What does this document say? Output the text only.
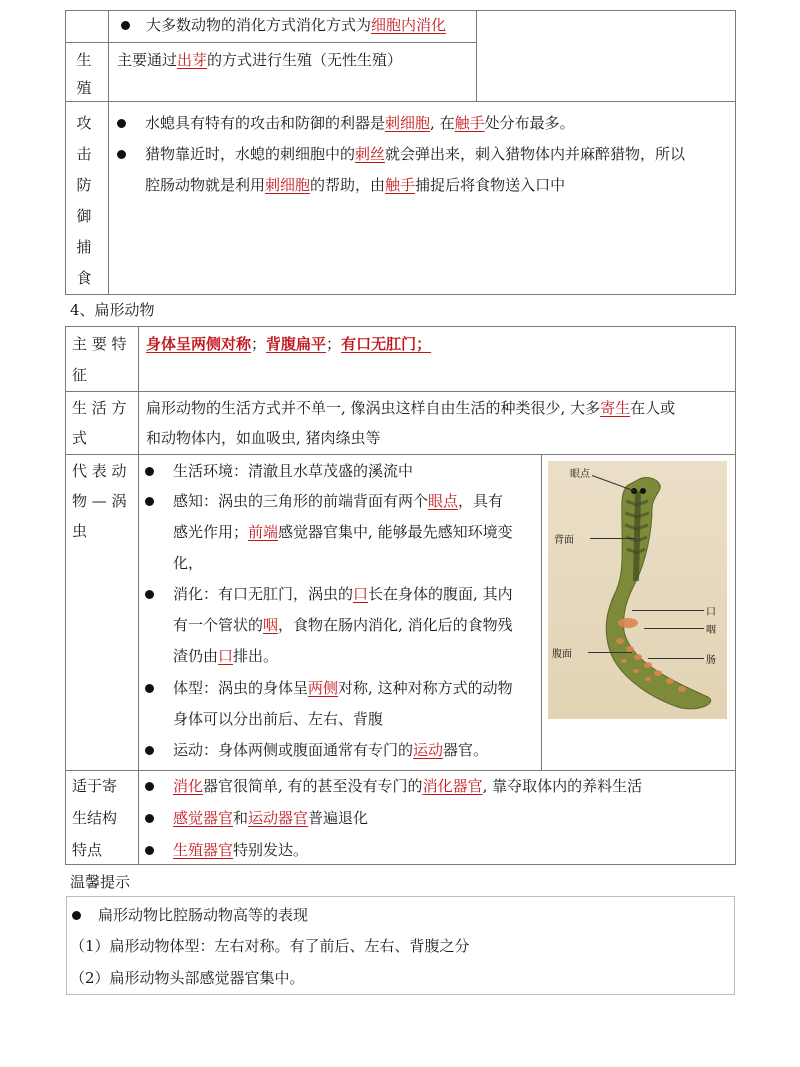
大多数动物的消化方式消化方式为细胞内消化
生
殖
主要通过出芽的方式进行生殖（无性生殖）
攻
击
防
御
捕
食
水螅具有特有的攻击和防御的利器是刺细胞, 在触手处分布最多。
猎物靠近时，水螅的刺细胞中的刺丝就会弹出来，刺入猎物体内并麻醉猎物，所以
腔肠动物就是利用刺细胞的帮助，由触手捕捉后将食物送入口中
4、扁形动物
主 要 特
征
身体呈两侧对称；背腹扁平；有口无肛门；
生 活 方
式
扁形动物的生活方式并不单一, 像涡虫这样自由生活的种类很少, 大多寄生在人或
和动物体内，如血吸虫, 猪肉绦虫等
代 表 动
物 — 涡
虫
生活环境：清澈且水草茂盛的溪流中
感知：涡虫的三角形的前端背面有两个眼点，具有
感光作用；前端感觉器官集中, 能够最先感知环境变
化，
消化：有口无肛门，涡虫的口长在身体的腹面, 其内
有一个管状的咽，食物在肠内消化, 消化后的食物残
渣仍由口排出。
体型：涡虫的身体呈两侧对称, 这种对称方式的动物
身体可以分出前后、左右、背腹
运动：身体两侧或腹面通常有专门的运动器官。
眼点
背面
口
咽
腹面
肠
适于寄
生结构
特点
消化器官很简单, 有的甚至没有专门的消化器官, 靠夺取体内的养料生活
感觉器官和运动器官普遍退化
生殖器官特别发达。
温馨提示
扁形动物比腔肠动物高等的表现
（1）扁形动物体型：左右对称。有了前后、左右、背腹之分
（2）扁形动物头部感觉器官集中。
